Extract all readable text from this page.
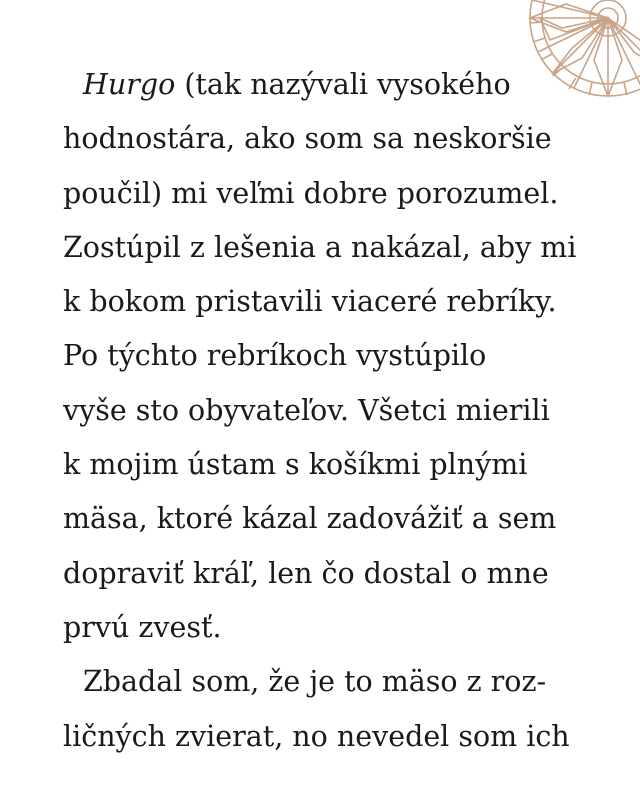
Hurgo (tak nazývali vysokého
hodnostára, ako som sa neskoršie
poučil) mi veľmi dobre porozumel.
Zostúpil z lešenia a nakázal, aby mi
k bokom pristavili viaceré rebríky.
Po týchto rebríkoch vystúpilo
vyše sto obyvateľov. Všetci mierili
k mojim ústam s košíkmi plnými
mäsa, ktoré kázal zadovážiť a sem
dopraviť kráľ, len čo dostal o mne
prvú zvesť.
Zbadal som, že je to mäso z roz-
ličných zvierat, no nevedel som ich
